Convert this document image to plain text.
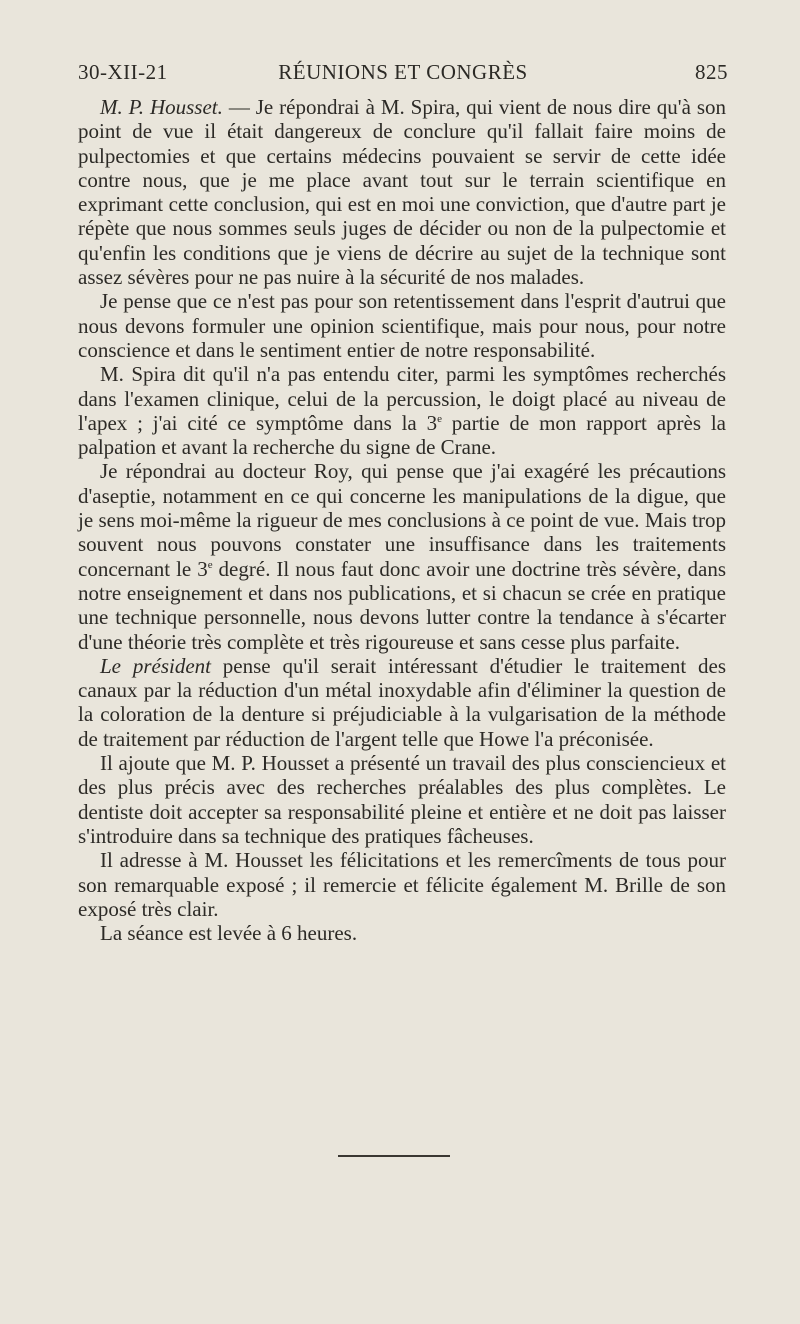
30-XII-21	RÉUNIONS ET CONGRÈS	825

M. P. Housset. — Je répondrai à M. Spira, qui vient de nous dire qu'à son point de vue il était dangereux de conclure qu'il fallait faire moins de pulpectomies et que certains médecins pouvaient se servir de cette idée contre nous, que je me place avant tout sur le terrain scientifique en exprimant cette conclusion, qui est en moi une conviction, que d'autre part je répète que nous sommes seuls juges de décider ou non de la pulpectomie et qu'enfin les conditions que je viens de décrire au sujet de la technique sont assez sévères pour ne pas nuire à la sécurité de nos malades.

Je pense que ce n'est pas pour son retentissement dans l'esprit d'autrui que nous devons formuler une opinion scientifique, mais pour nous, pour notre conscience et dans le sentiment entier de notre responsabilité.

M. Spira dit qu'il n'a pas entendu citer, parmi les symptômes recherchés dans l'examen clinique, celui de la percussion, le doigt placé au niveau de l'apex ; j'ai cité ce symptôme dans la 3e partie de mon rapport après la palpation et avant la recherche du signe de Crane.

Je répondrai au docteur Roy, qui pense que j'ai exagéré les précautions d'aseptie, notamment en ce qui concerne les manipulations de la digue, que je sens moi-même la rigueur de mes conclusions à ce point de vue. Mais trop souvent nous pouvons constater une insuffisance dans les traitements concernant le 3e degré. Il nous faut donc avoir une doctrine très sévère, dans notre enseignement et dans nos publications, et si chacun se crée en pratique une technique personnelle, nous devons lutter contre la tendance à s'écarter d'une théorie très complète et très rigoureuse et sans cesse plus parfaite.

Le président pense qu'il serait intéressant d'étudier le traitement des canaux par la réduction d'un métal inoxydable afin d'éliminer la question de la coloration de la denture si préjudiciable à la vulgarisation de la méthode de traitement par réduction de l'argent telle que Howe l'a préconisée.

Il ajoute que M. P. Housset a présenté un travail des plus consciencieux et des plus précis avec des recherches préalables des plus complètes. Le dentiste doit accepter sa responsabilité pleine et entière et ne doit pas laisser s'introduire dans sa technique des pratiques fâcheuses.

Il adresse à M. Housset les félicitations et les remercîments de tous pour son remarquable exposé ; il remercie et félicite également M. Brille de son exposé très clair.

La séance est levée à 6 heures.
